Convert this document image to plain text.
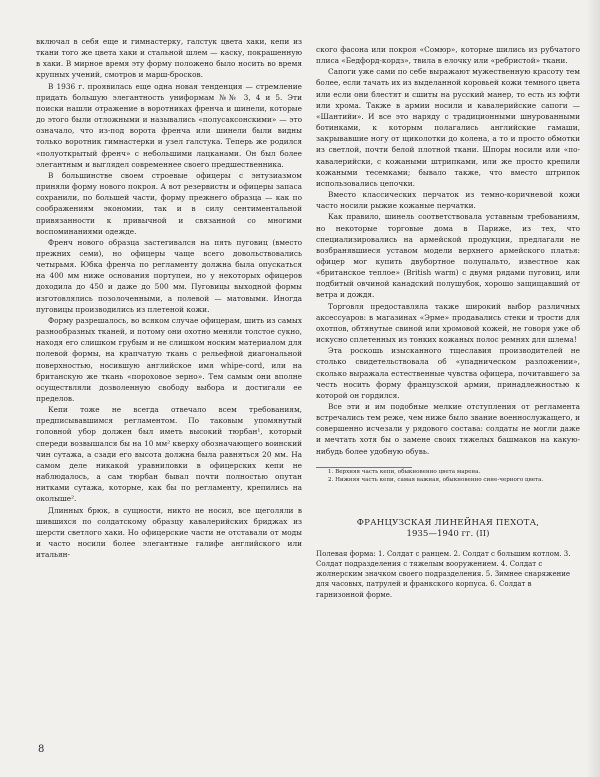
включал в себя еще и гимнастерку, галстук цвета хаки, кепи из ткани того же цвета хаки и стальной шлем — каску, покрашенную в хаки. В мирное время эту форму положено было носить во время крупных учений, смотров и марш-бросков.

В 1936 г. проявилась еще одна новая тенденция — стремление придать большую элегантность униформам №№ 3, 4 и 5. Эти поиски нашли отражение в воротниках френча и шинели, которые до этого были отложными и назывались «полусаксонскими» — это означало, что из-под ворота френча или шинели были видны только воротник гимнастерки и узел галстука. Теперь же родился «полуоткрытый френч» с небольшими лацканами. Он был более элегантным и выглядел современнее своего предшественника.

В большинстве своем строевые офицеры с энтузиазмом приняли форму нового покроя. А вот резервисты и офицеры запаса сохранили, по большей части, форму прежнего образца — как по соображениям экономии, так и в силу сентиментальной привязанности к привычной и связанной со многими воспоминаниями одежде.

Френч нового образца застегивался на пять пуговиц (вместо прежних семи), но офицеры чаще всего довольствовались четырьмя. Юбка френча по регламенту должна была опускаться на 400 мм ниже основания портупеи, но у некоторых офицеров доходила до 450 и даже до 500 мм. Пуговицы выходной формы изготовлялись позолоченными, а полевой — матовыми. Иногда пуговицы производились из плетеной кожи.

Форму разрешалось, во всяком случае офицерам, шить из самых разнообразных тканей, и потому они охотно меняли толстое сукно, находя его слишком грубым и не слишком носким материалом для полевой формы, на крапчатую ткань с рельефной диагональной поверхностью, носившую английское имя whipe-cord, или на британскую же ткань «пороховое зерно». Тем самым они вполне осуществляли дозволенную свободу выбора и достигали ее пределов.

Кепи тоже не всегда отвечало всем требованиям, предписывавшимся регламентом. По таковым упомянутый головной убор должен был иметь высокий тюрбан¹, который спереди возвышался бы на 10 мм² кверху обозначающего воинский чин сутажа, а сзади его высота должна была равняться 20 мм. На самом деле никакой уравниловки в офицерских кепи не наблюдалось, а сам тюрбан бывал почти полностью опутан нитками сутажа, которые, как бы по регламенту, крепились на околыше².

Длинных брюк, в сущности, никто не носил, все щеголяли в шившихся по солдатскому образцу кавалерийских бриджах из шерсти светлого хаки. Но офицерские части не отставали от моды и часто носили более элегантные галифе английского или итальян-

ского фасона или покроя «Сомюр», которые шились из рубчатого плиса «Бедфорд-кордз», твила в елочку или «ребристой» ткани.

Сапоги уже сами по себе выражают мужественную красоту тем более, если тачать их из выделанной коровьей кожи темного цвета или если они блестят и сшиты на русский манер, то есть из юфти или хрома. Также в армии носили и кавалерийские сапоги — «Шантийи». И все это наряду с традиционными шнурованными ботинками, к которым полагались английские гамаши, закрывавшие ногу от щиколотки до колена, а то и просто обмотки из светлой, почти белой плотной ткани. Шпоры носили или «по-кавалерийски, с кожаными штрипками, или же просто крепили кожаными тесемками; бывало также, что вместо штрипок использовались цепочки.

Вместо классических перчаток из темно-коричневой кожи часто носили рыжие кожаные перчатки.

Как правило, шинель соответствовала уставным требованиям, но некоторые торговые дома в Париже, из тех, что специализировались на армейской продукции, предлагали не возбранявшиеся уставом модели верхнего армейского платья: офицер мог купить двубортное полупальто, известное как «британское теплое» (British warm) с двумя рядами пуговиц, или подбитый овчиной канадский полушубок, хорошо защищавший от ветра и дождя.

Торговля предоставляла также широкий выбор различных аксессуаров: в магазинах «Эрме» продавались стеки и трости для охотпов, обтянутые свиной или хромовой кожей, не говоря уже об искусно сплетенных из тонких кожаных полос ремнях для шлема!

Эта роскошь изысканного тщеславия производителей не столько свидетельствовала об «упадническом разложении», сколько выражала естественные чувства офицера, почитавшего за честь носить форму французской армии, принадлежностью к которой он гордился.

Все эти и им подобные мелкие отступления от регламента встречались тем реже, чем ниже было звание военнослужащего, и совершенно исчезали у рядового состава: солдаты не могли даже и мечтать хотя бы о замене своих тяжелых башмаков на какую-нибудь более удобную обувь.

1. Верхняя часть кепи, обыкновенно цвета марена.

2. Нижняя часть кепи, самая важная, обыкновенно сине-черного цвета.

ФРАНЦУЗСКАЯ ЛИНЕЙНАЯ ПЕХОТА,
1935—1940 гг. (II)
Полевая форма: 1. Солдат с ранцем. 2. Солдат с большим котлом. 3. Солдат подразделения с тяжелым вооружением. 4. Солдат с жолнерским значком своего подразделения. 5. Зимнее снаряжение для часовых, патрулей и франкского корпуса. 6. Солдат в гарнизонной форме.
8
